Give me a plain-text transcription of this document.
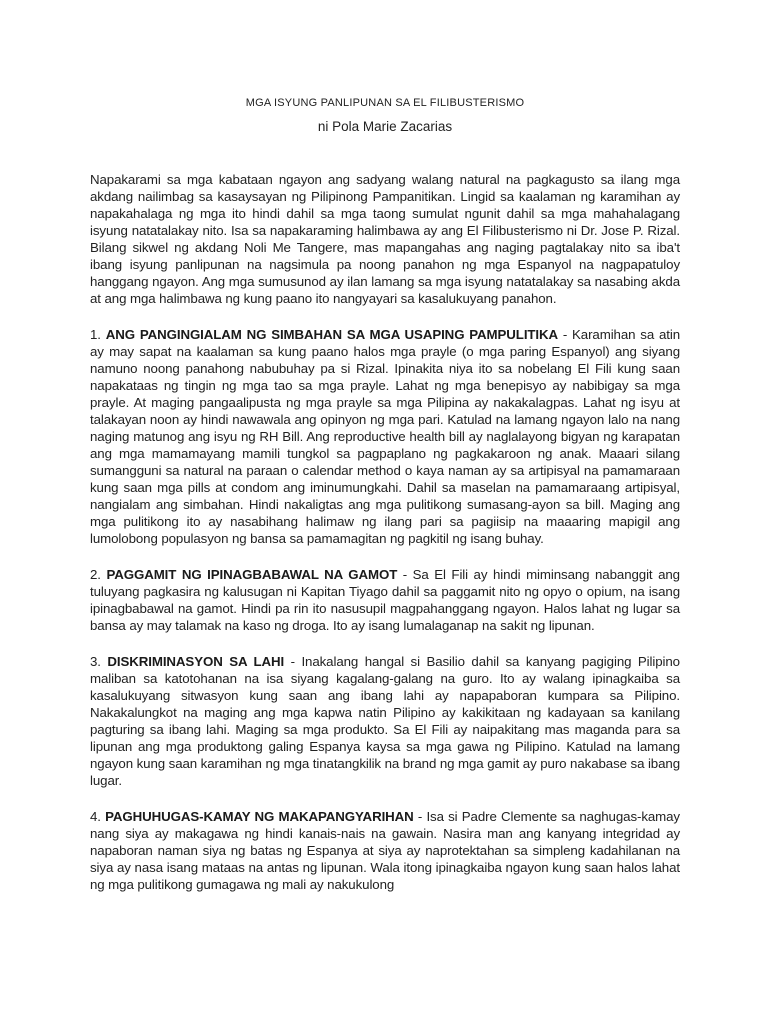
MGA ISYUNG PANLIPUNAN SA EL FILIBUSTERISMO

ni Pola Marie Zacarias

Napakarami sa mga kabataan ngayon ang sadyang walang natural na pagkagusto sa ilang mga akdang nailimbag sa kasaysayan ng Pilipinong Pampanitikan. Lingid sa kaalaman ng karamihan ay napakahalaga ng mga ito hindi dahil sa mga taong sumulat ngunit dahil sa mga mahahalagang isyung natatalakay nito. Isa sa napakaraming halimbawa ay ang El Filibusterismo ni Dr. Jose P. Rizal. Bilang sikwel ng akdang Noli Me Tangere, mas mapangahas ang naging pagtalakay nito sa iba't ibang isyung panlipunan na nagsimula pa noong panahon ng mga Espanyol na nagpapatuloy hanggang ngayon. Ang mga sumusunod ay ilan lamang sa mga isyung natatalakay sa nasabing akda at ang mga halimbawa ng kung paano ito nangyayari sa kasalukuyang panahon.

1. ANG PANGINGIALAM NG SIMBAHAN SA MGA USAPING PAMPULITIKA - Karamihan sa atin ay may sapat na kaalaman sa kung paano halos mga prayle (o mga paring Espanyol) ang siyang namuno noong panahong nabubuhay pa si Rizal. Ipinakita niya ito sa nobelang El Fili kung saan napakataas ng tingin ng mga tao sa mga prayle. Lahat ng mga benepisyo ay nabibigay sa mga prayle. At maging pangaalipusta ng mga prayle sa mga Pilipina ay nakakalagpas. Lahat ng isyu at talakayan noon ay hindi nawawala ang opinyon ng mga pari. Katulad na lamang ngayon lalo na nang naging matunog ang isyu ng RH Bill. Ang reproductive health bill ay naglalayong bigyan ng karapatan ang mga mamamayang mamili tungkol sa pagpaplano ng pagkakaroon ng anak. Maaari silang sumangguni sa natural na paraan o calendar method o kaya naman ay sa artipisyal na pamamaraan kung saan mga pills at condom ang iminumungkahi. Dahil sa maselan na pamamaraang artipisyal, nangialam ang simbahan. Hindi nakaligtas ang mga pulitikong sumasang-ayon sa bill. Maging ang mga pulitikong ito ay nasabihang halimaw ng ilang pari sa pagiisip na maaaring mapigil ang lumolobong populasyon ng bansa sa pamamagitan ng pagkitil ng isang buhay.

2. PAGGAMIT NG IPINAGBABAWAL NA GAMOT - Sa El Fili ay hindi miminsang nabanggit ang tuluyang pagkasira ng kalusugan ni Kapitan Tiyago dahil sa paggamit nito ng opyo o opium, na isang ipinagbabawal na gamot. Hindi pa rin ito nasusupil magpahanggang ngayon. Halos lahat ng lugar sa bansa ay may talamak na kaso ng droga. Ito ay isang lumalaganap na sakit ng lipunan.

3. DISKRIMINASYON SA LAHI - Inakalang hangal si Basilio dahil sa kanyang pagiging Pilipino maliban sa katotohanan na isa siyang kagalang-galang na guro. Ito ay walang ipinagkaiba sa kasalukuyang sitwasyon kung saan ang ibang lahi ay napapaboran kumpara sa Pilipino. Nakakalungkot na maging ang mga kapwa natin Pilipino ay kakikitaan ng kadayaan sa kanilang pagturing sa ibang lahi. Maging sa mga produkto. Sa El Fili ay naipakitang mas maganda para sa lipunan ang mga produktong galing Espanya kaysa sa mga gawa ng Pilipino. Katulad na lamang ngayon kung saan karamihan ng mga tinatangkilik na brand ng mga gamit ay puro nakabase sa ibang lugar.

4. PAGHUHUGAS-KAMAY NG MAKAPANGYARIHAN - Isa si Padre Clemente sa naghugas-kamay nang siya ay makagawa ng hindi kanais-nais na gawain. Nasira man ang kanyang integridad ay napaboran naman siya ng batas ng Espanya at siya ay naprotektahan sa simpleng kadahilanan na siya ay nasa isang mataas na antas ng lipunan. Wala itong ipinagkaiba ngayon kung saan halos lahat ng mga pulitikong gumagawa ng mali ay nakukulong
